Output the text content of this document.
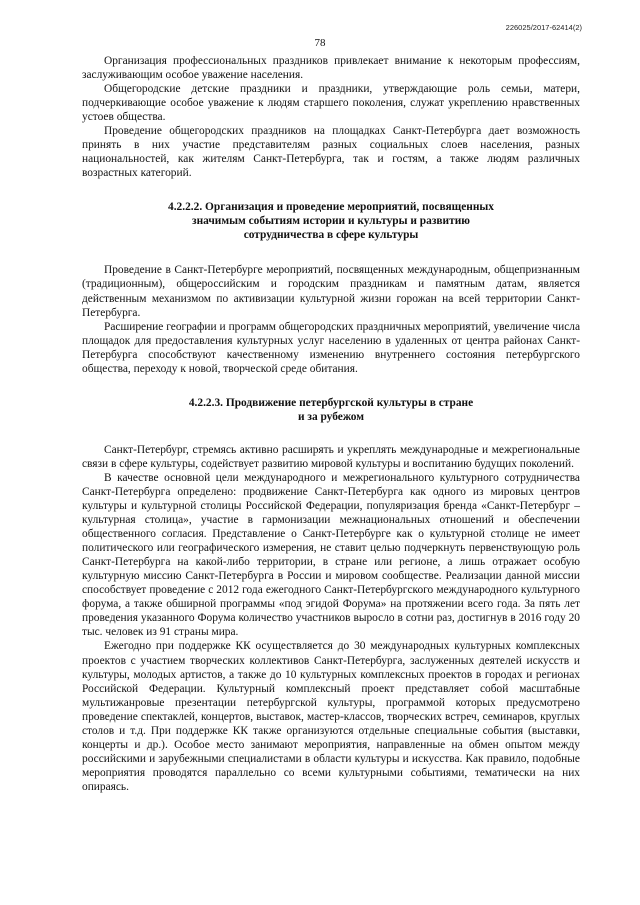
226025/2017-62414(2)
78

Организация профессиональных праздников привлекает внимание к некоторым профессиям, заслуживающим особое уважение населения.

Общегородские детские праздники и праздники, утверждающие роль семьи, матери, подчеркивающие особое уважение к людям старшего поколения, служат укреплению нравственных устоев общества.

Проведение общегородских праздников на площадках Санкт-Петербурга дает возможность принять в них участие представителям разных социальных слоев населения, разных национальностей, как жителям Санкт-Петербурга, так и гостям, а также людям различных возрастных категорий.

4.2.2.2. Организация и проведение мероприятий, посвященных
значимым событиям истории и культуры и развитию
сотрудничества в сфере культуры

Проведение в Санкт-Петербурге мероприятий, посвященных международным, общепризнанным (традиционным), общероссийским и городским праздникам и памятным датам, является действенным механизмом по активизации культурной жизни горожан на всей территории Санкт-Петербурга.

Расширение географии и программ общегородских праздничных мероприятий, увеличение числа площадок для предоставления культурных услуг населению в удаленных от центра районах Санкт-Петербурга способствуют качественному изменению внутреннего состояния петербургского общества, переходу к новой, творческой среде обитания.

4.2.2.3. Продвижение петербургской культуры в стране
и за рубежом

Санкт-Петербург, стремясь активно расширять и укреплять международные и межрегиональные связи в сфере культуры, содействует развитию мировой культуры и воспитанию будущих поколений.

В качестве основной цели международного и межрегионального культурного сотрудничества Санкт-Петербурга определено: продвижение Санкт-Петербурга как одного из мировых центров культуры и культурной столицы Российской Федерации, популяризация бренда «Санкт-Петербург – культурная столица», участие в гармонизации межнациональных отношений и обеспечении общественного согласия. Представление о Санкт-Петербурге как о культурной столице не имеет политического или географического измерения, не ставит целью подчеркнуть первенствующую роль Санкт-Петербурга на какой-либо территории, в стране или регионе, а лишь отражает особую культурную миссию Санкт-Петербурга в России и мировом сообществе. Реализации данной миссии способствует проведение с 2012 года ежегодного Санкт-Петербургского международного культурного форума, а также обширной программы «под эгидой Форума» на протяжении всего года. За пять лет проведения указанного Форума количество участников выросло в сотни раз, достигнув в 2016 году 20 тыс. человек из 91 страны мира.

Ежегодно при поддержке КК осуществляется до 30 международных культурных комплексных проектов с участием творческих коллективов Санкт-Петербурга, заслуженных деятелей искусств и культуры, молодых артистов, а также до 10 культурных комплексных проектов в городах и регионах Российской Федерации. Культурный комплексный проект представляет собой масштабные мультижанровые презентации петербургской культуры, программой которых предусмотрено проведение спектаклей, концертов, выставок, мастер-классов, творческих встреч, семинаров, круглых столов и т.д. При поддержке КК также организуются отдельные специальные события (выставки, концерты и др.). Особое место занимают мероприятия, направленные на обмен опытом между российскими и зарубежными специалистами в области культуры и искусства. Как правило, подобные мероприятия проводятся параллельно со всеми культурными событиями, тематически на них опираясь.
